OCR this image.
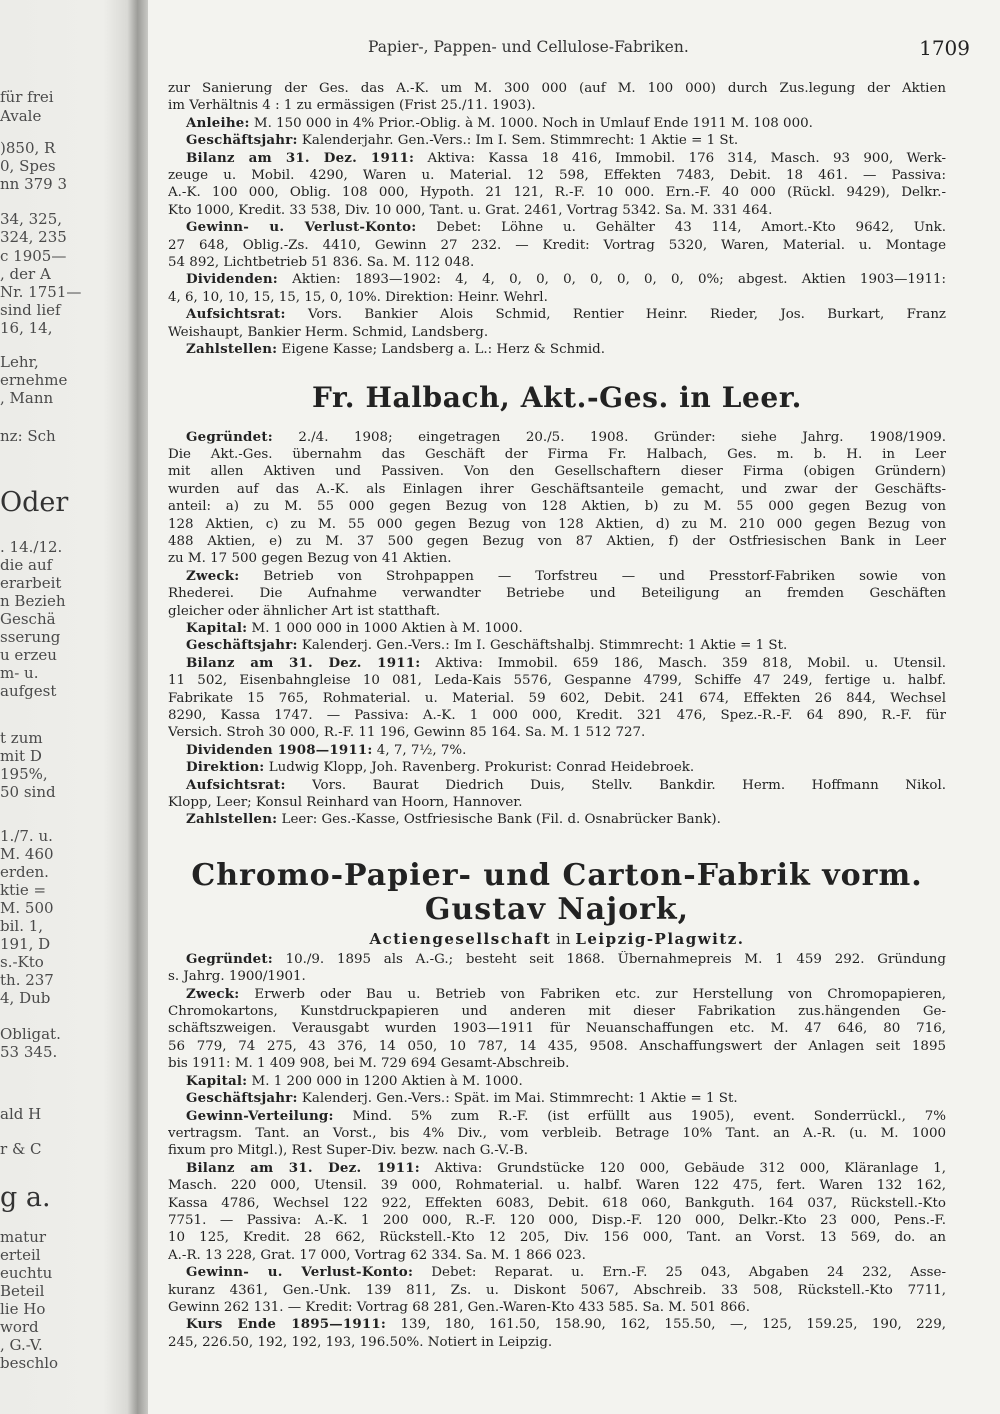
für frei
Avale
)850, R
0, Spes
nn 379 3
34, 325,
324, 235
c 1905—
, der A
Nr. 1751—
sind lief
16, 14,
Lehr,
ernehme
, Mann
nz: Sch
Oder
. 14./12.
die auf
erarbeit
n Bezieh
Geschä
sserung
u erzeu
m- u.
aufgest
t zum
mit D
195%,
50 sind
1./7. u.
M. 460
erden.
ktie =
M. 500
bil. 1,
191, D
s.-Kto
th. 237
4, Dub
Obligat.
53 345.
ald H
r & C
g a.
matur
erteil
euchtu
Beteil
lie Ho
word
, G.-V.
beschlo
Papier-, Pappen- und Cellulose-Fabriken.	1709
zur Sanierung der Ges. das A.-K. um M. 300 000 (auf M. 100 000) durch Zus.legung der Aktien
im Verhältnis 4 : 1 zu ermässigen (Frist 25./11. 1903).
Anleihe: M. 150 000 in 4% Prior.-Oblig. à M. 1000. Noch in Umlauf Ende 1911 M. 108 000.
Geschäftsjahr: Kalenderjahr. Gen.-Vers.: Im I. Sem. Stimmrecht: 1 Aktie = 1 St.
Bilanz am 31. Dez. 1911: Aktiva: Kassa 18 416, Immobil. 176 314, Masch. 93 900, Werk-
zeuge u. Mobil. 4290, Waren u. Material. 12 598, Effekten 7483, Debit. 18 461. — Passiva:
A.-K. 100 000, Oblig. 108 000, Hypoth. 21 121, R.-F. 10 000. Ern.-F. 40 000 (Rückl. 9429), Delkr.-
Kto 1000, Kredit. 33 538, Div. 10 000, Tant. u. Grat. 2461, Vortrag 5342. Sa. M. 331 464.
Gewinn- u. Verlust-Konto: Debet: Löhne u. Gehälter 43 114, Amort.-Kto 9642, Unk.
27 648, Oblig.-Zs. 4410, Gewinn 27 232. — Kredit: Vortrag 5320, Waren, Material. u. Montage
54 892, Lichtbetrieb 51 836. Sa. M. 112 048.
Dividenden: Aktien: 1893—1902: 4, 4, 0, 0, 0, 0, 0, 0, 0, 0%; abgest. Aktien 1903—1911:
4, 6, 10, 10, 15, 15, 15, 0, 10%. Direktion: Heinr. Wehrl.
Aufsichtsrat: Vors. Bankier Alois Schmid, Rentier Heinr. Rieder, Jos. Burkart, Franz
Weishaupt, Bankier Herm. Schmid, Landsberg.
Zahlstellen: Eigene Kasse; Landsberg a. L.: Herz & Schmid.
Fr. Halbach, Akt.-Ges. in Leer.
Gegründet: 2./4. 1908; eingetragen 20./5. 1908. Gründer: siehe Jahrg. 1908/1909.
Die Akt.-Ges. übernahm das Geschäft der Firma Fr. Halbach, Ges. m. b. H. in Leer
mit allen Aktiven und Passiven. Von den Gesellschaftern dieser Firma (obigen Gründern)
wurden auf das A.-K. als Einlagen ihrer Geschäftsanteile gemacht, und zwar der Geschäfts-
anteil: a) zu M. 55 000 gegen Bezug von 128 Aktien, b) zu M. 55 000 gegen Bezug von
128 Aktien, c) zu M. 55 000 gegen Bezug von 128 Aktien, d) zu M. 210 000 gegen Bezug von
488 Aktien, e) zu M. 37 500 gegen Bezug von 87 Aktien, f) der Ostfriesischen Bank in Leer
zu M. 17 500 gegen Bezug von 41 Aktien.
Zweck: Betrieb von Strohpappen — Torfstreu — und Presstorf-Fabriken sowie von
Rhederei. Die Aufnahme verwandter Betriebe und Beteiligung an fremden Geschäften
gleicher oder ähnlicher Art ist statthaft.
Kapital: M. 1 000 000 in 1000 Aktien à M. 1000.
Geschäftsjahr: Kalenderj. Gen.-Vers.: Im I. Geschäftshalbj. Stimmrecht: 1 Aktie = 1 St.
Bilanz am 31. Dez. 1911: Aktiva: Immobil. 659 186, Masch. 359 818, Mobil. u. Utensil.
11 502, Eisenbahngleise 10 081, Leda-Kais 5576, Gespanne 4799, Schiffe 47 249, fertige u. halbf.
Fabrikate 15 765, Rohmaterial. u. Material. 59 602, Debit. 241 674, Effekten 26 844, Wechsel
8290, Kassa 1747. — Passiva: A.-K. 1 000 000, Kredit. 321 476, Spez.-R.-F. 64 890, R.-F. für
Versich. Stroh 30 000, R.-F. 11 196, Gewinn 85 164. Sa. M. 1 512 727.
Dividenden 1908—1911: 4, 7, 7½, 7%.
Direktion: Ludwig Klopp, Joh. Ravenberg. Prokurist: Conrad Heidebroek.
Aufsichtsrat: Vors. Baurat Diedrich Duis, Stellv. Bankdir. Herm. Hoffmann Nikol.
Klopp, Leer; Konsul Reinhard van Hoorn, Hannover.
Zahlstellen: Leer: Ges.-Kasse, Ostfriesische Bank (Fil. d. Osnabrücker Bank).
Chromo-Papier- und Carton-Fabrik vorm. Gustav Najork,
Actiengesellschaft in Leipzig-Plagwitz.
Gegründet: 10./9. 1895 als A.-G.; besteht seit 1868. Übernahmepreis M. 1 459 292. Gründung
s. Jahrg. 1900/1901.
Zweck: Erwerb oder Bau u. Betrieb von Fabriken etc. zur Herstellung von Chromopapieren,
Chromokartons, Kunstdruckpapieren und anderen mit dieser Fabrikation zus.hängenden Ge-
schäftszweigen. Verausgabt wurden 1903—1911 für Neuanschaffungen etc. M. 47 646, 80 716,
56 779, 74 275, 43 376, 14 050, 10 787, 14 435, 9508. Anschaffungswert der Anlagen seit 1895
bis 1911: M. 1 409 908, bei M. 729 694 Gesamt-Abschreib.
Kapital: M. 1 200 000 in 1200 Aktien à M. 1000.
Geschäftsjahr: Kalenderj. Gen.-Vers.: Spät. im Mai. Stimmrecht: 1 Aktie = 1 St.
Gewinn-Verteilung: Mind. 5% zum R.-F. (ist erfüllt aus 1905), event. Sonderrückl., 7%
vertragsm. Tant. an Vorst., bis 4% Div., vom verbleib. Betrage 10% Tant. an A.-R. (u. M. 1000
fixum pro Mitgl.), Rest Super-Div. bezw. nach G.-V.-B.
Bilanz am 31. Dez. 1911: Aktiva: Grundstücke 120 000, Gebäude 312 000, Kläranlage 1,
Masch. 220 000, Utensil. 39 000, Rohmaterial. u. halbf. Waren 122 475, fert. Waren 132 162,
Kassa 4786, Wechsel 122 922, Effekten 6083, Debit. 618 060, Bankguth. 164 037, Rückstell.-Kto
7751. — Passiva: A.-K. 1 200 000, R.-F. 120 000, Disp.-F. 120 000, Delkr.-Kto 23 000, Pens.-F.
10 125, Kredit. 28 662, Rückstell.-Kto 12 205, Div. 156 000, Tant. an Vorst. 13 569, do. an
A.-R. 13 228, Grat. 17 000, Vortrag 62 334. Sa. M. 1 866 023.
Gewinn- u. Verlust-Konto: Debet: Reparat. u. Ern.-F. 25 043, Abgaben 24 232, Asse-
kuranz 4361, Gen.-Unk. 139 811, Zs. u. Diskont 5067, Abschreib. 33 508, Rückstell.-Kto 7711,
Gewinn 262 131. — Kredit: Vortrag 68 281, Gen.-Waren-Kto 433 585. Sa. M. 501 866.
Kurs Ende 1895—1911: 139, 180, 161.50, 158.90, 162, 155.50, —, 125, 159.25, 190, 229,
245, 226.50, 192, 192, 193, 196.50%. Notiert in Leipzig.
